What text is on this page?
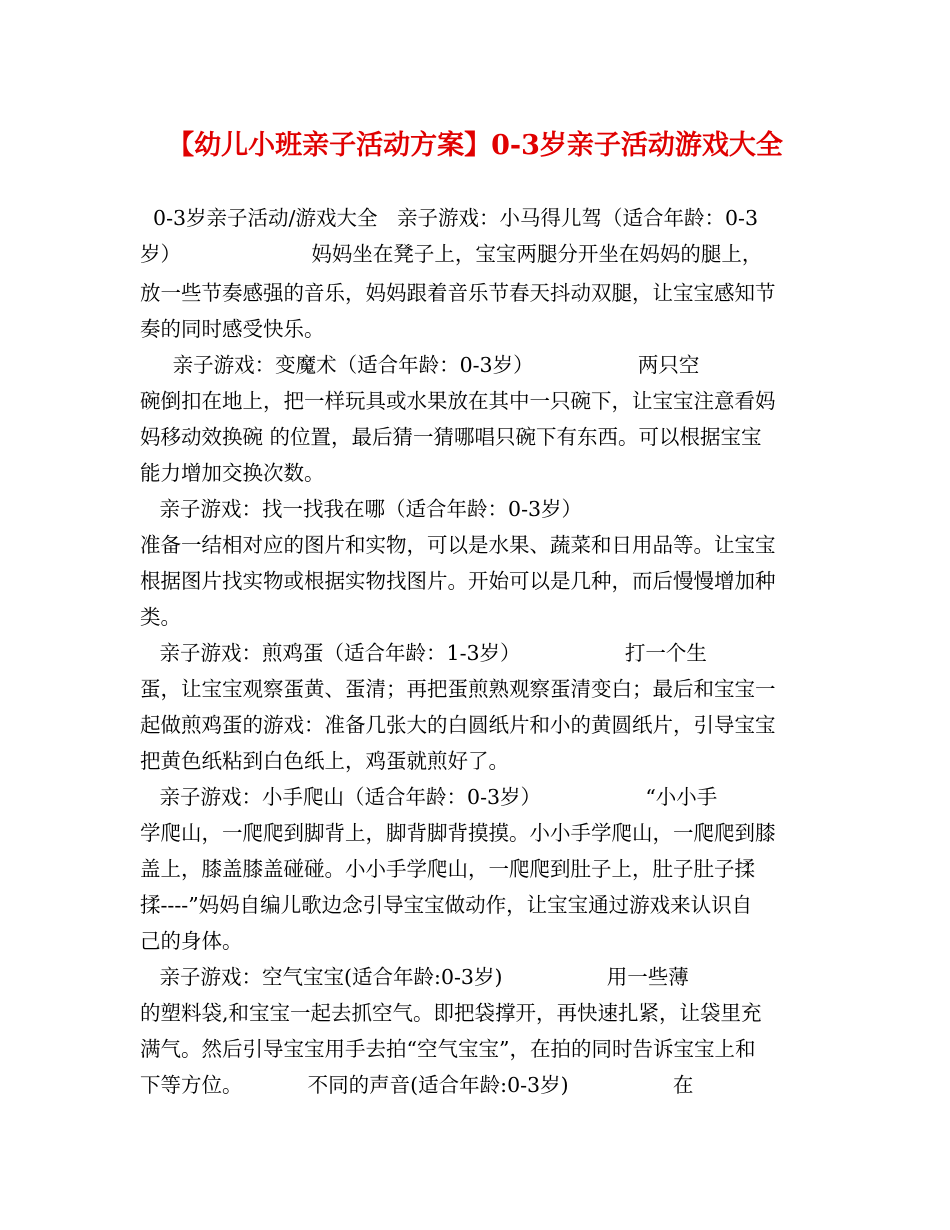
【幼儿小班亲子活动方案】0-3岁亲子活动游戏大全
0-3岁亲子活动/游戏大全   亲子游戏：小马得儿驾（适合年龄：0-3
岁）                    妈妈坐在凳子上，宝宝两腿分开坐在妈妈的腿上，
放一些节奏感强的音乐，妈妈跟着音乐节春天抖动双腿，让宝宝感知节
奏的同时感受快乐。
亲子游戏：变魔术（适合年龄：0-3岁）                两只空
碗倒扣在地上，把一样玩具或水果放在其中一只碗下，让宝宝注意看妈
妈移动效换碗 的位置，最后猜一猜哪唱只碗下有东西。可以根据宝宝
能力增加交换次数。
亲子游戏：找一找我在哪（适合年龄：0-3岁）
准备一结相对应的图片和实物，可以是水果、蔬菜和日用品等。让宝宝
根据图片找实物或根据实物找图片。开始可以是几种，而后慢慢增加种
类。
亲子游戏：煎鸡蛋（适合年龄：1-3岁）                打一个生
蛋，让宝宝观察蛋黄、蛋清；再把蛋煎熟观察蛋清变白；最后和宝宝一
起做煎鸡蛋的游戏：准备几张大的白圆纸片和小的黄圆纸片，引导宝宝
把黄色纸粘到白色纸上，鸡蛋就煎好了。
亲子游戏：小手爬山（适合年龄：0-3岁）                “小小手
学爬山，一爬爬到脚背上，脚背脚背摸摸。小小手学爬山，一爬爬到膝
盖上，膝盖膝盖碰碰。小小手学爬山，一爬爬到肚子上，肚子肚子揉
揉----”妈妈自编儿歌边念引导宝宝做动作，让宝宝通过游戏来认识自
己的身体。
亲子游戏：空气宝宝(适合年龄:0-3岁)                用一些薄
的塑料袋,和宝宝一起去抓空气。即把袋撑开，再快速扎紧，让袋里充
满气。然后引导宝宝用手去拍“空气宝宝”，在拍的同时告诉宝宝上和
下等方位。          不同的声音(适合年龄:0-3岁)                在
